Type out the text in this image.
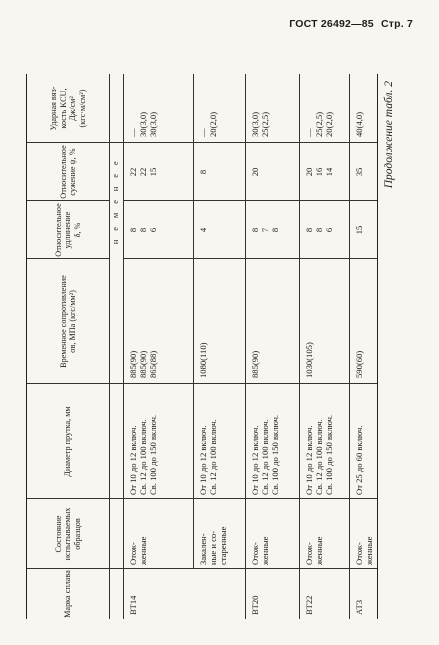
ГОСТ 26492—85 Стр. 7
Продолжение табл. 2
Марка сплава
Состояние испытываемых образцов
Диаметр прутка, мм
Временное сопротивление σв, МПа (кгс/мм²)
Относительное удлинение δ, %
Относительное сужение ψ, %
Ударная вяз- кость KCU, Дж/см² (кгс·м/см²)
н е м е н е е
ВТ14
Отож- женные
От 10 до 12 включ. Св. 12 до 100 включ. Св. 100 до 150 включ.
885(90) 885(90) 865(88)
8 8 6
22 22 15
— 30(3,0) 30(3,0)
Закален- ные и со- старенные
От 10 до 12 включ. Св. 12 до 100 включ.
1080(110)
4
8
— 20(2,0)
ВТ20
Отож- женные
От 10 до 12 включ. Св. 12 до 100 включ. Св. 100 до 150 включ.
885(90)
8 7 8
20
30(3,0) 25(2,5)
ВТ22
Отож- женные
От 10 до 12 включ. Св. 12 до 100 включ. Св. 100 до 150 включ.
1030(105)
8 8 6
20 16 14
— 25(2,5) 20(2,0)
АТ3
Отож- женные
От 25 до 60 включ.
590(60)
15
35
40(4,0)
